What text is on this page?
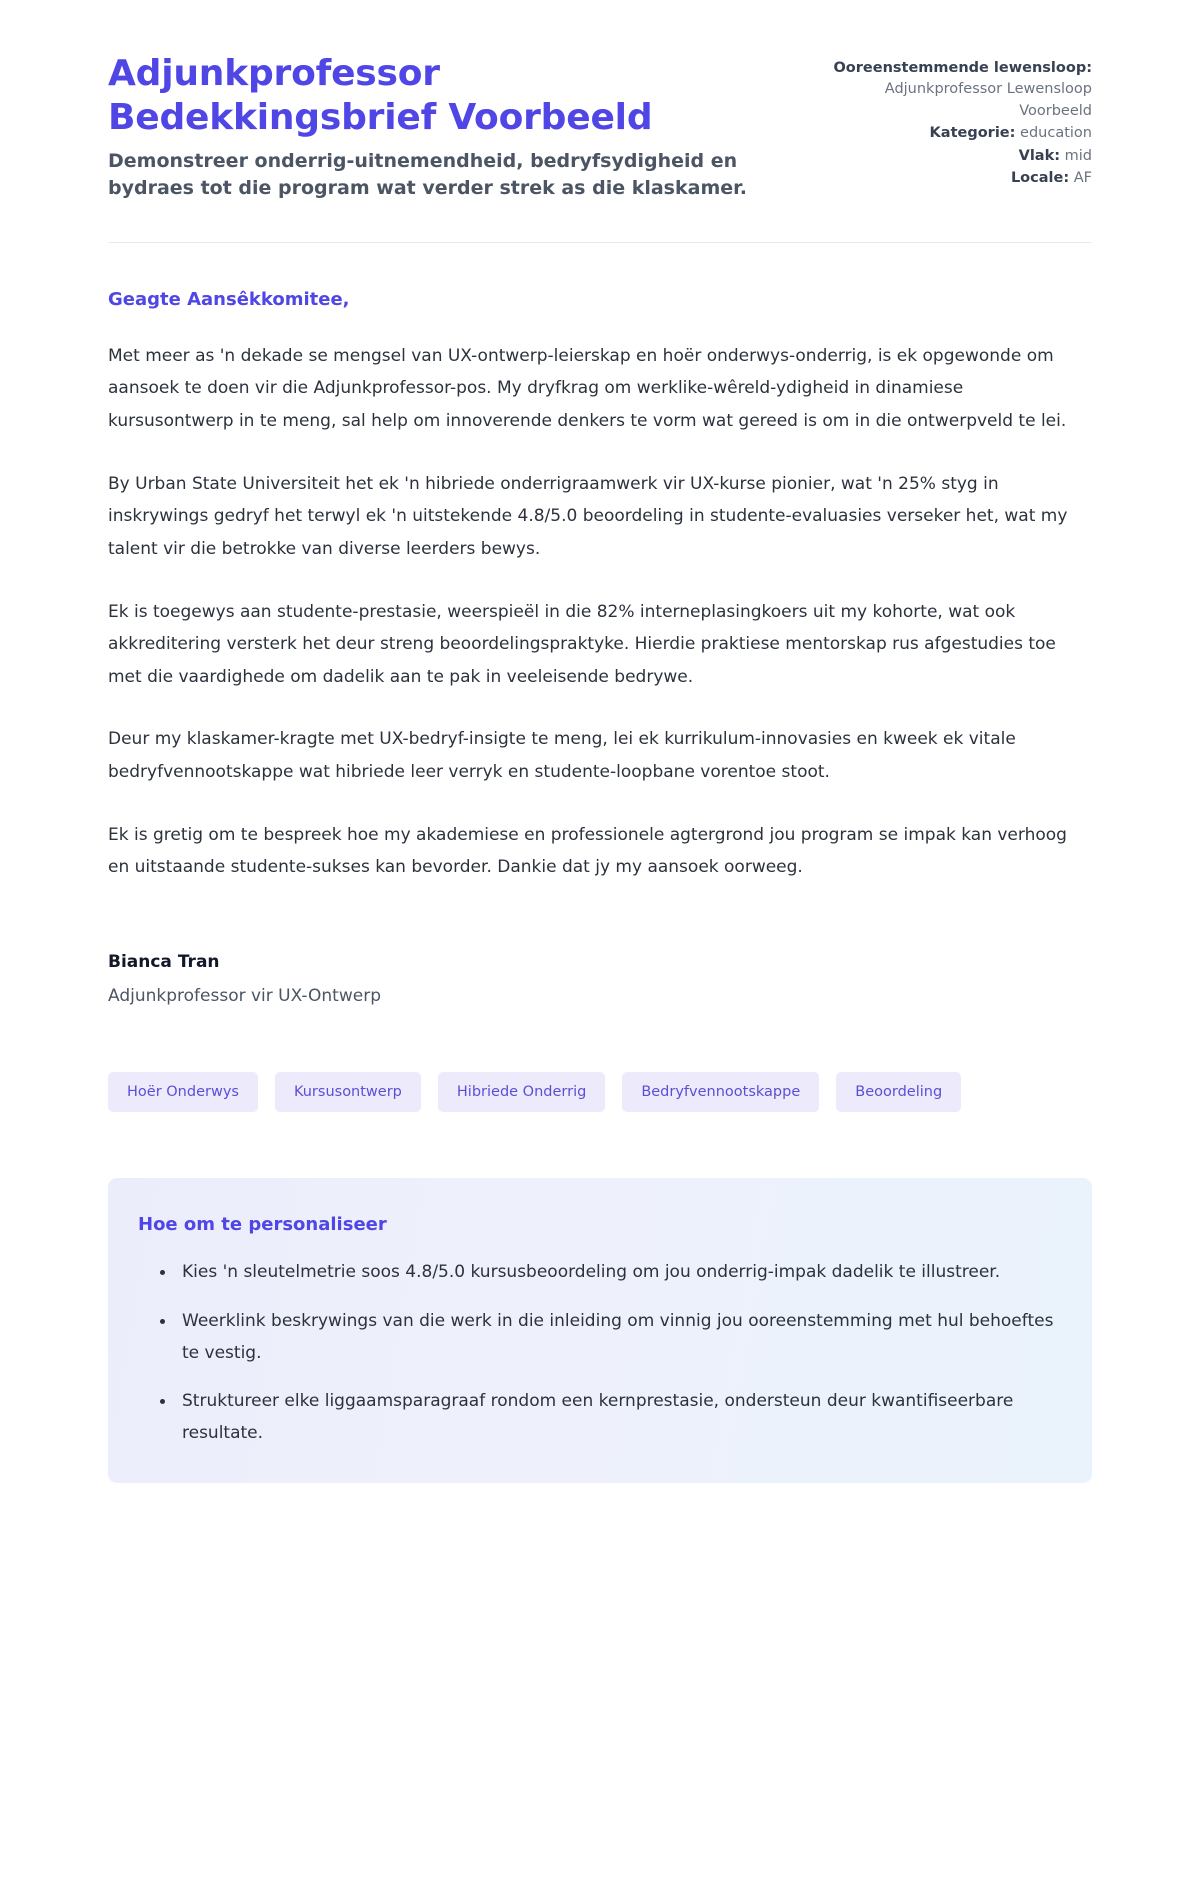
Adjunkprofessor Bedekkingsbrief Voorbeeld

Demonstreer onderrig-uitnemendheid, bedryfsydigheid en bydraes tot die program wat verder strek as die klaskamer.

Ooreenstemmende lewensloop: Adjunkprofessor Lewensloop Voorbeeld
Kategorie: education
Vlak: mid
Locale: AF

Geagte Aansêkkomitee,

Met meer as 'n dekade se mengsel van UX-ontwerp-leierskap en hoër onderwys-onderrig, is ek opgewonde om aansoek te doen vir die Adjunkprofessor-pos. My dryfkrag om werklike-wêreld-ydigheid in dinamiese kursusontwerp in te meng, sal help om innoverende denkers te vorm wat gereed is om in die ontwerpveld te lei.

By Urban State Universiteit het ek 'n hibriede onderrigraamwerk vir UX-kurse pionier, wat 'n 25% styg in inskrywings gedryf het terwyl ek 'n uitstekende 4.8/5.0 beoordeling in studente-evaluasies verseker het, wat my talent vir die betrokke van diverse leerders bewys.

Ek is toegewys aan studente-prestasie, weerspieël in die 82% interneplasingkoers uit my kohorte, wat ook akkreditering versterk het deur streng beoordelingspraktyke. Hierdie praktiese mentorskap rus afgestudies toe met die vaardighede om dadelik aan te pak in veeleisende bedrywe.

Deur my klaskamer-kragte met UX-bedryf-insigte te meng, lei ek kurrikulum-innovasies en kweek ek vitale bedryfvennootskappe wat hibriede leer verryk en studente-loopbane vorentoe stoot.

Ek is gretig om te bespreek hoe my akademiese en professionele agtergrond jou program se impak kan verhoog en uitstaande studente-sukses kan bevorder. Dankie dat jy my aansoek oorweeg.

Bianca Tran

Adjunkprofessor vir UX-Ontwerp

Hoër Onderwys	Kursusontwerp	Hibriede Onderrig	Bedryfvennootskappe	Beoordeling
Hoe om te personaliseer
Kies 'n sleutelmetrie soos 4.8/5.0 kursusbeoordeling om jou onderrig-impak dadelik te illustreer.
Weerklink beskrywings van die werk in die inleiding om vinnig jou ooreenstemming met hul behoeftes te vestig.
Struktureer elke liggaamsparagraaf rondom een kernprestasie, ondersteun deur kwantifiseerbare resultate.
